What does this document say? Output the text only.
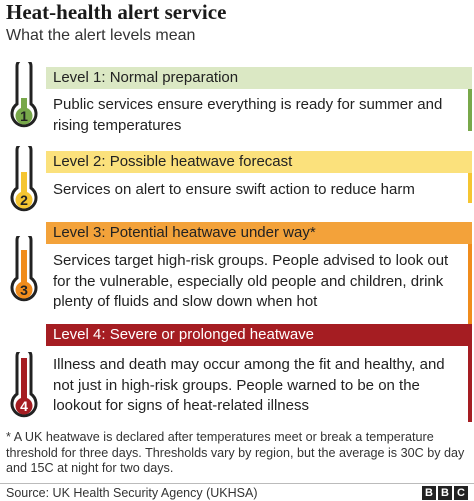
Heat-health alert service
What the alert levels mean
1
Level 1: Normal preparation
Public services ensure everything is ready for summer and rising temperatures
2
Level 2: Possible heatwave forecast
Services on alert to ensure swift action to reduce harm
3
Level 3: Potential heatwave under way*
Services target high-risk groups. People advised to look out for the vulnerable, especially old people and children, drink plenty of fluids and slow down when hot
4
Level 4: Severe or prolonged heatwave
Illness and death may occur among the fit and healthy, and not just in high-risk groups. People warned to be on the lookout for signs of heat-related illness
* A UK heatwave is declared after temperatures meet or break a temperature threshold for three days. Thresholds vary by region, but the average is 30C by day and 15C at night for two days.
Source: UK Health Security Agency (UKHSA)	B B C
